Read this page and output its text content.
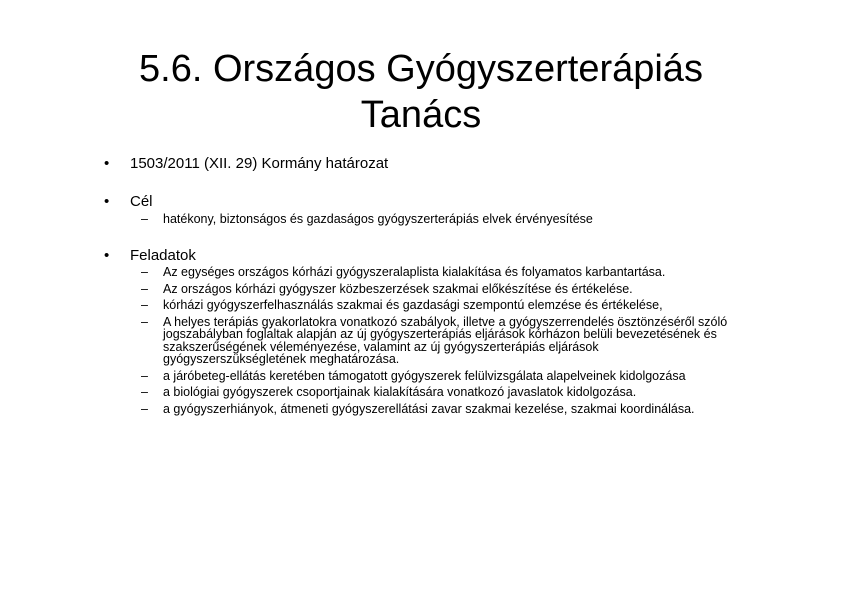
5.6. Országos Gyógyszerterápiás
Tanács
• 1503/2011 (XII. 29) Kormány határozat
• Cél
–	hatékony, biztonságos és gazdaságos gyógyszerterápiás elvek érvényesítése
• Feladatok
–	Az egységes országos kórházi gyógyszeralaplista kialakítása és folyamatos karbantartása.
–	Az országos kórházi gyógyszer közbeszerzések szakmai előkészítése és értékelése.
–	kórházi gyógyszerfelhasználás szakmai és gazdasági szempontú elemzése és értékelése,
–	A helyes terápiás gyakorlatokra vonatkozó szabályok, illetve a gyógyszerrendelés ösztönzéséről szóló jogszabályban foglaltak alapján az új gyógyszerterápiás eljárások kórházon belüli bevezetésének és szakszerűségének véleményezése, valamint az új gyógyszerterápiás eljárások gyógyszerszükségletének meghatározása.
–	a járóbeteg-ellátás keretében támogatott gyógyszerek felülvizsgálata alapelveinek kidolgozása
–	a biológiai gyógyszerek csoportjainak kialakítására vonatkozó javaslatok kidolgozása.
–	a gyógyszerhiányok, átmeneti gyógyszerellátási zavar szakmai kezelése, szakmai koordinálása.
